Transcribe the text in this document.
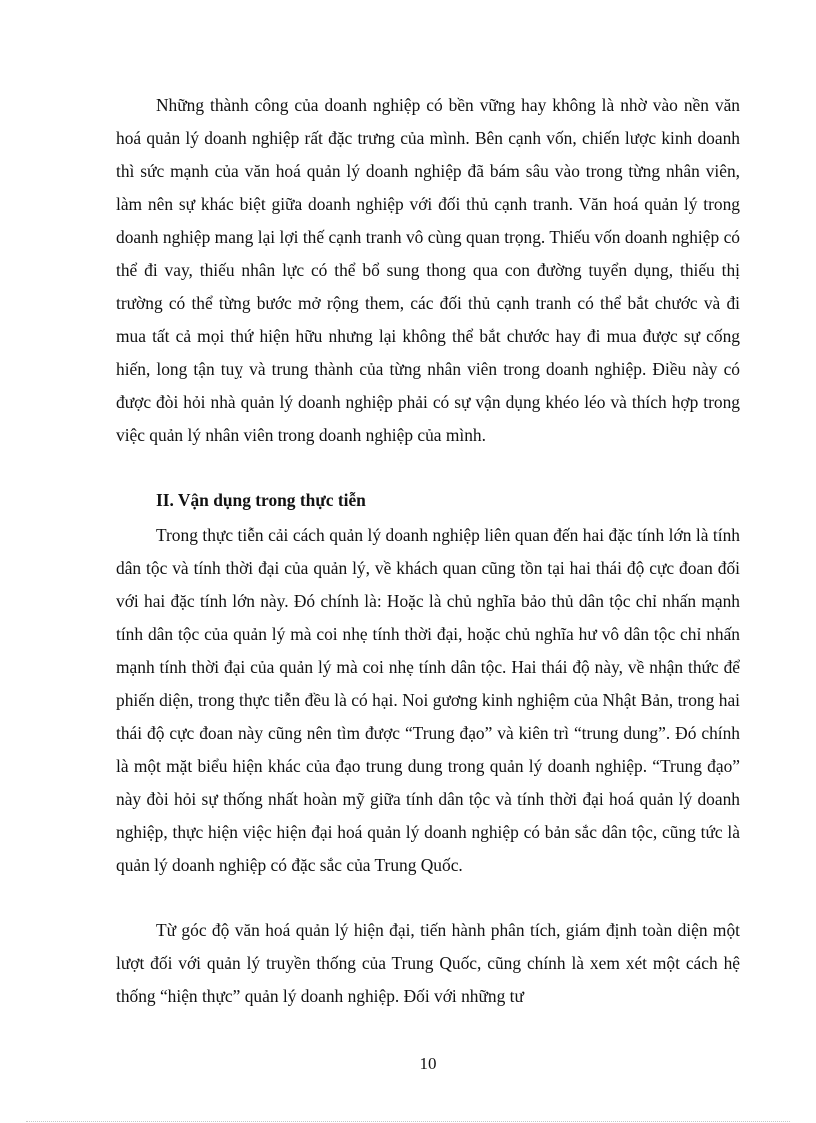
Những thành công của doanh nghiệp có bền vững hay không là nhờ vào nền văn hoá quản lý doanh nghiệp rất đặc trưng của mình. Bên cạnh vốn, chiến lược kinh doanh thì sức mạnh của văn hoá quản lý doanh nghiệp đã bám sâu vào trong từng nhân viên, làm nên sự khác biệt giữa doanh nghiệp với đối thủ cạnh tranh. Văn hoá quản lý trong doanh nghiệp mang lại lợi thế cạnh tranh vô cùng quan trọng. Thiếu vốn doanh nghiệp có thể đi vay, thiếu nhân lực có thể bổ sung thong qua con đường tuyển dụng, thiếu thị trường có thể từng bước mở rộng them, các đối thủ cạnh tranh có thể bắt chước và đi mua tất cả mọi thứ hiện hữu nhưng lại không thể bắt chước hay đi mua được sự cống hiến, long tận tuỵ và trung thành của từng nhân viên trong doanh nghiệp. Điều này có được đòi hỏi nhà quản lý doanh nghiệp phải có sự vận dụng khéo léo và thích hợp trong việc quản lý nhân viên trong doanh nghiệp của mình.

II. Vận dụng trong thực tiễn

Trong thực tiễn cải cách quản lý doanh nghiệp liên quan đến hai đặc tính lớn là tính dân tộc và tính thời đại của quản lý, về khách quan cũng tồn tại hai thái độ cực đoan đối với hai đặc tính lớn này. Đó chính là: Hoặc là chủ nghĩa bảo thủ dân tộc chỉ nhấn mạnh tính dân tộc của quản lý mà coi nhẹ tính thời đại, hoặc chủ nghĩa hư vô dân tộc chỉ nhấn mạnh tính thời đại của quản lý mà coi nhẹ tính dân tộc. Hai thái độ này, về nhận thức để phiến diện, trong thực tiễn đều là có hại. Noi gương kinh nghiệm của Nhật Bản, trong hai thái độ cực đoan này cũng nên tìm được “Trung đạo” và kiên trì “trung dung”. Đó chính là một mặt biểu hiện khác của đạo trung dung trong quản lý doanh nghiệp. “Trung đạo” này đòi hỏi sự thống nhất hoàn mỹ giữa tính dân tộc và tính thời đại hoá quản lý doanh nghiệp, thực hiện việc hiện đại hoá quản lý doanh nghiệp có bản sắc dân tộc, cũng tức là quản lý doanh nghiệp có đặc sắc của Trung Quốc.

Từ góc độ văn hoá quản lý hiện đại, tiến hành phân tích, giám định toàn diện một lượt đối với quản lý truyền thống của Trung Quốc, cũng chính là xem xét một cách hệ thống “hiện thực” quản lý doanh nghiệp. Đối với những tư

10
